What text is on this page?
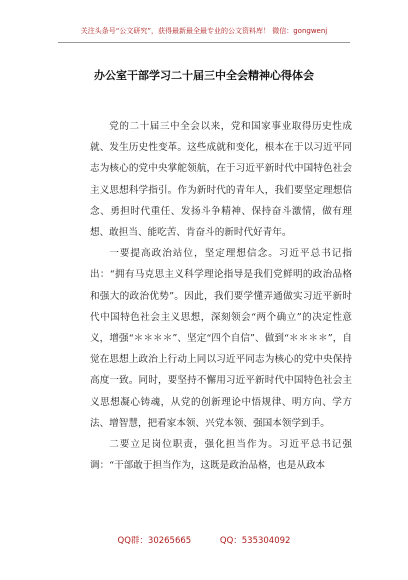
关注头条号“公文研究”，获得最新最全最专业的公文资料库！ 微信：gongwenj
办公室干部学习二十届三中全会精神心得体会

党的二十届三中全会以来，党和国家事业取得历史性成就、发生历史性变革。这些成就和变化，根本在于以习近平同志为核心的党中央掌舵领航，在于习近平新时代中国特色社会主义思想科学指引。作为新时代的青年人，我们要坚定理想信念、勇担时代重任、发扬斗争精神、保持奋斗激情，做有理想、敢担当、能吃苦、肯奋斗的新时代好青年。

一要提高政治站位，坚定理想信念。习近平总书记指出：“拥有马克思主义科学理论指导是我们党鲜明的政治品格和强大的政治优势”。因此，我们要学懂弄通做实习近平新时代中国特色社会主义思想，深刻领会“两个确立”的决定性意义，增强“＊＊＊＊”、坚定“四个自信”、做到“＊＊＊＊”，自觉在思想上政治上行动上同以习近平同志为核心的党中央保持高度一致。同时，要坚持不懈用习近平新时代中国特色社会主义思想凝心铸魂，从党的创新理论中悟规律、明方向、学方法、增智慧，把看家本领、兴党本领、强国本领学到手。

二要立足岗位职责，强化担当作为。习近平总书记强调：“干部敢于担当作为，这既是政治品格，也是从政本

QQ群：30265665	QQ：535304092
